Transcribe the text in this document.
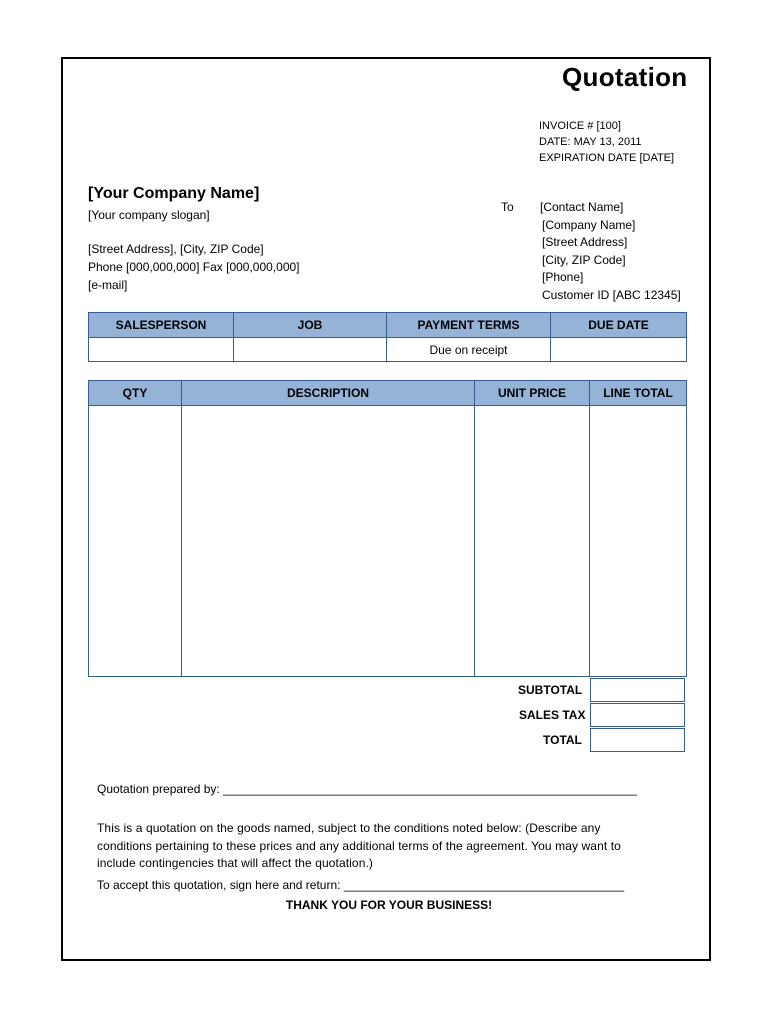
Quotation
INVOICE # [100]
DATE: MAY 13, 2011
EXPIRATION DATE [DATE]
[Your Company Name]
[Your company slogan]
[Street Address], [City, ZIP Code]
Phone [000,000,000] Fax [000,000,000]
[e-mail]
To [Contact Name]
[Company Name]
[Street Address]
[City, ZIP Code]
[Phone]
Customer ID [ABC 12345]
SALESPERSON	JOB	PAYMENT TERMS	DUE DATE
		Due on receipt	
QTY	DESCRIPTION	UNIT PRICE	LINE TOTAL

SUBTOTAL
SALES TAX
TOTAL
Quotation prepared by: ______________________________________________________________
This is a quotation on the goods named, subject to the conditions noted below: (Describe any
conditions pertaining to these prices and any additional terms of the agreement. You may want to
include contingencies that will affect the quotation.)
To accept this quotation, sign here and return: __________________________________________
THANK YOU FOR YOUR BUSINESS!
